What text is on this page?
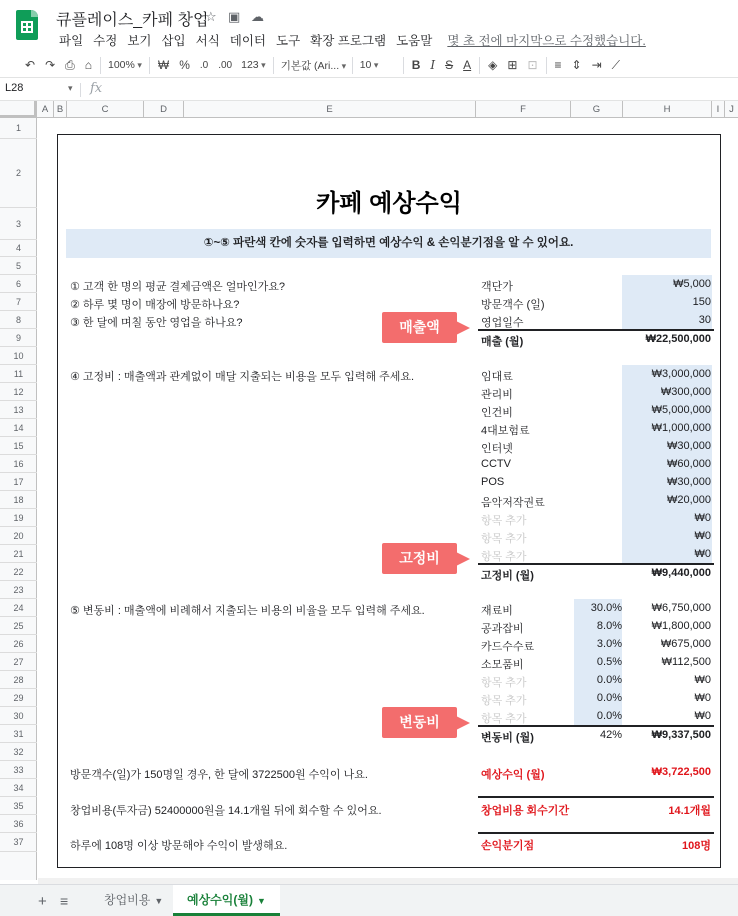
큐플레이스_카페 창업
☆ ▣ ☁
파일 수정 보기 삽입 서식 데이터 도구 확장 프로그램 도움말	몇 초 전에 마지막으로 수정했습니다.
↶ ↷ ⎙ ⌂	100% ▾	₩ %	.0	.00 123 ▾	기본값 (Ari... ▾	10 ▾	B I S A	◈ ⊞ ⊡	≡ ⇕ ⇥ ⟋
L28	▾ fx
A B	C	D	E	F	G	H	I	J
1
2
3
4
5
6
7
8
9
10
11
12
13
14
15
16
17
18
19
20
21
22
23
24
25
26
27
28
29
30
31
32
33
34
35
36
37
카페 예상수익
①~⑤ 파란색 칸에 숫자를 입력하면 예상수익 & 손익분기점을 알 수 있어요.
① 고객 한 명의 평균 결제금액은 얼마인가요?
② 하루 몇 명이 매장에 방문하나요?
③ 한 달에 며칠 동안 영업을 하나요?
객단가	₩5,000
방문객수 (일)	150
영업일수	30
매출 (월)	₩22,500,000
매출액
④ 고정비 : 매출액과 관계없이 매달 지출되는 비용을 모두 입력해 주세요.
고정비 (월)	₩9,440,000
고정비
⑤ 변동비 : 매출액에 비례해서 지출되는 비용의 비율을 모두 입력해 주세요.
변동비 (월)	42%	₩9,337,500
변동비
방문객수(일)가 150명일 경우, 한 달에 3722500원 수익이 나요.	예상수익 (월)	₩3,722,500
창업비용(투자금) 52400000원을 14.1개월 뒤에 회수할 수 있어요.	창업비용 회수기간	14.1개월
하루에 108명 이상 방문해야 수익이 발생해요.	손익분기점	108명
임대료	₩3,000,000
관리비	₩300,000
인건비	₩5,000,000
4대보험료	₩1,000,000
인터넷	₩30,000
CCTV	₩60,000
POS	₩30,000
음악저작권료	₩20,000
항목 추가	₩0
항목 추가	₩0
항목 추가	₩0
재료비	30.0%	₩6,750,000
공과잡비	8.0%	₩1,800,000
카드수수료	3.0%	₩675,000
소모품비	0.5%	₩112,500
항목 추가	0.0%	₩0
항목 추가	0.0%	₩0
항목 추가	0.0%	₩0
+ ≡	창업비용 ▼	예상수익(월) ▼
